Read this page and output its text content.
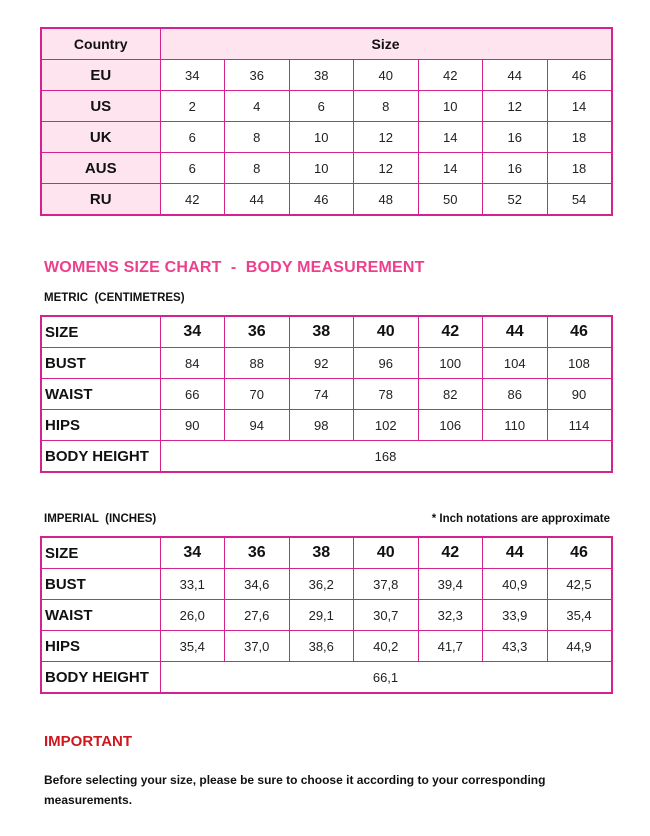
Country	Size						
EU	34	36	38	40	42	44	46
US	2	4	6	8	10	12	14
UK	6	8	10	12	14	16	18
AUS	6	8	10	12	14	16	18
RU	42	44	46	48	50	52	54
WOMENS SIZE CHART  -  BODY MEASUREMENT
METRIC  (CENTIMETRES)
SIZE	34	36	38	40	42	44	46
BUST	84	88	92	96	100	104	108
WAIST	66	70	74	78	82	86	90
HIPS	90	94	98	102	106	110	114
BODY HEIGHT	168						
IMPERIAL  (INCHES)	* Inch notations are approximate
SIZE	34	36	38	40	42	44	46
BUST	33,1	34,6	36,2	37,8	39,4	40,9	42,5
WAIST	26,0	27,6	29,1	30,7	32,3	33,9	35,4
HIPS	35,4	37,0	38,6	40,2	41,7	43,3	44,9
BODY HEIGHT	66,1						
IMPORTANT
Before selecting your size, please be sure to choose it according to your corresponding measurements.
